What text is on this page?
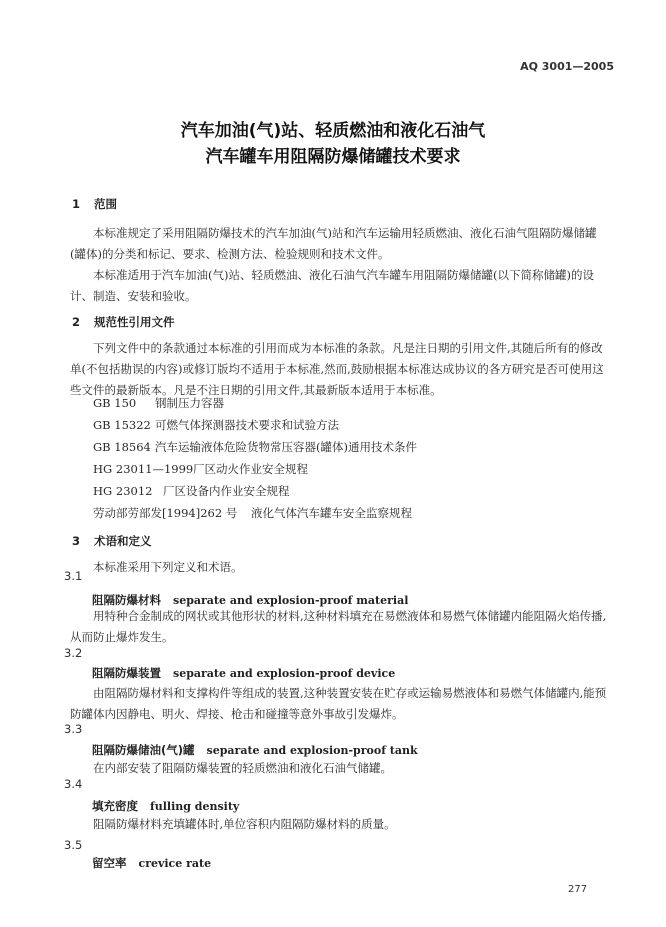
AQ 3001—2005
汽车加油(气)站、轻质燃油和液化石油气
汽车罐车用阻隔防爆储罐技术要求
1 范围
本标准规定了采用阻隔防爆技术的汽车加油(气)站和汽车运输用轻质燃油、液化石油气阻隔防爆储罐(罐体)的分类和标记、要求、检测方法、检验规则和技术文件。
本标准适用于汽车加油(气)站、轻质燃油、液化石油气汽车罐车用阻隔防爆储罐(以下简称储罐)的设计、制造、安装和验收。
2 规范性引用文件
下列文件中的条款通过本标准的引用而成为本标准的条款。凡是注日期的引用文件,其随后所有的修改单(不包括勘误的内容)或修订版均不适用于本标准,然而,鼓励根据本标准达成协议的各方研究是否可使用这些文件的最新版本。凡是不注日期的引用文件,其最新版本适用于本标准。
GB 150 钢制压力容器
GB 15322 可燃气体探测器技术要求和试验方法
GB 18564 汽车运输液体危险货物常压容器(罐体)通用技术条件
HG 23011—1999厂区动火作业安全规程
HG 23012 厂区设备内作业安全规程
劳动部劳部发[1994]262 号 液化气体汽车罐车安全监察规程
3 术语和定义
本标准采用下列定义和术语。
3.1
阻隔防爆材料 separate and explosion-proof material
用特种合金制成的网状或其他形状的材料,这种材料填充在易燃液体和易燃气体储罐内能阻隔火焰传播,从而防止爆炸发生。
3.2
阻隔防爆装置 separate and explosion-proof device
由阻隔防爆材料和支撑构件等组成的装置,这种装置安装在贮存或运输易燃液体和易燃气体储罐内,能预防罐体内因静电、明火、焊接、枪击和碰撞等意外事故引发爆炸。
3.3
阻隔防爆储油(气)罐 separate and explosion-proof tank
在内部安装了阻隔防爆装置的轻质燃油和液化石油气储罐。
3.4
填充密度 fulling density
阻隔防爆材料充填罐体时,单位容积内阻隔防爆材料的质量。
3.5
留空率 crevice rate
277
